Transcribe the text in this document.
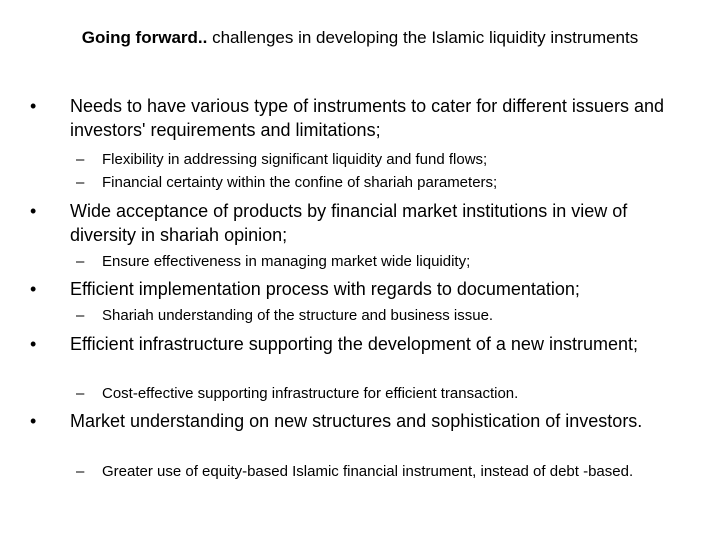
Going forward.. challenges in developing the Islamic liquidity instruments
•	Needs to have various type of instruments to cater for different issuers and investors' requirements and limitations;
– Flexibility in addressing significant liquidity and fund flows;
– Financial certainty within the confine of shariah parameters;
•	Wide acceptance of products by financial market institutions in view of diversity in shariah opinion;
– Ensure effectiveness in managing market wide liquidity;
•	Efficient implementation process with regards to documentation;
– Shariah understanding of the structure and business issue.
•	Efficient infrastructure supporting the development of a new instrument;
– Cost-effective supporting infrastructure for efficient transaction.
•	Market understanding on new structures and sophistication of investors.
– Greater use of equity-based Islamic financial instrument, instead of debt -based.
